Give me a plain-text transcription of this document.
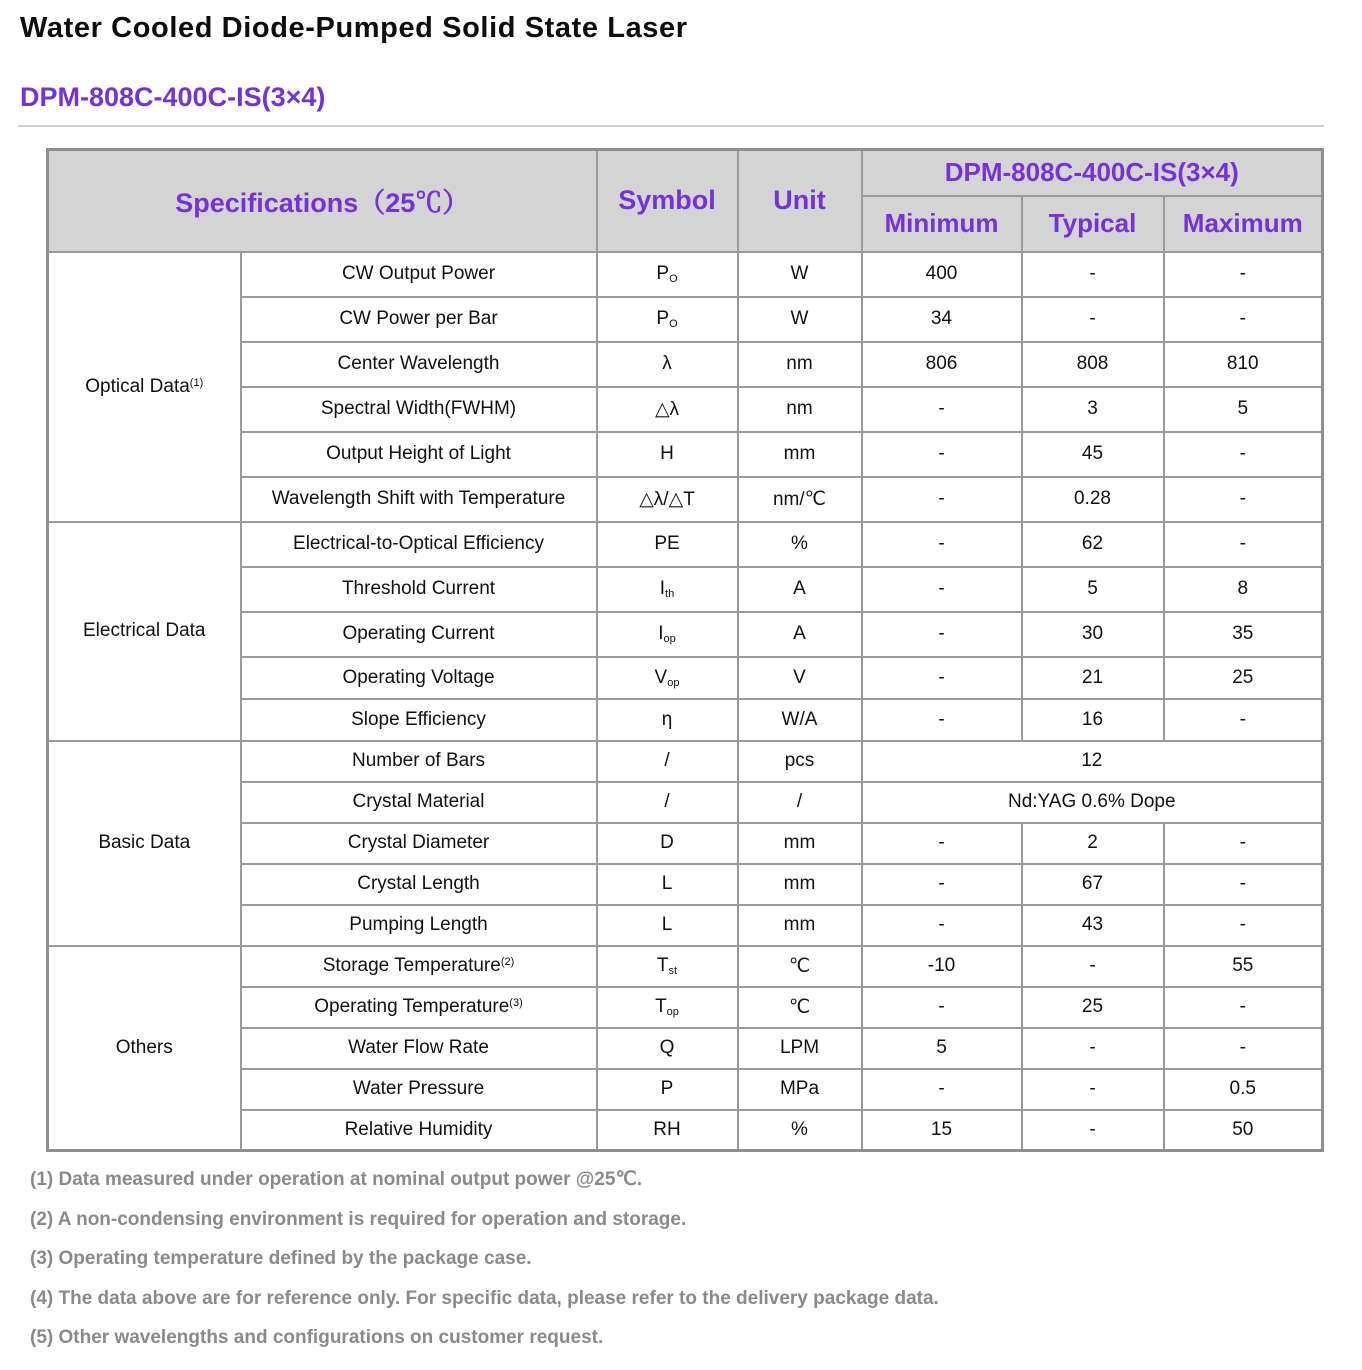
Water Cooled Diode-Pumped Solid State Laser
DPM-808C-400C-IS(3×4)
Specifications（25℃）		Symbol	Unit	DPM-808C-400C-IS(3×4)		
				Minimum	Typical	Maximum
Optical Data$^{(1)}$	CW Output Power	$P_O$	W	400	-	-
	CW Power per Bar	$P_O$	W	34	-	-
	Center Wavelength	λ	nm	806	808	810
	Spectral Width(FWHM)	△λ	nm	-	3	5
	Output Height of Light	H	mm	-	45	-
	Wavelength Shift with Temperature	△λ/△T	nm/℃	-	0.28	-
Electrical Data	Electrical-to-Optical Efficiency	PE	%	-	62	-
	Threshold Current	$I_{th}$	A	-	5	8
	Operating Current	$I_{op}$	A	-	30	35
	Operating Voltage	$V_{op}$	V	-	21	25
	Slope Efficiency	η	W/A	-	16	-
Basic Data	Number of Bars	/	pcs	12		
	Crystal Material	/	/	Nd:YAG 0.6% Dope		
	Crystal Diameter	D	mm	-	2	-
	Crystal Length	L	mm	-	67	-
	Pumping Length	L	mm	-	43	-
Others	Storage Temperature$^{(2)}$	$T_{st}$	℃	-10	-	55
	Operating Temperature$^{(3)}$	$T_{op}$	℃	-	25	-
	Water Flow Rate	Q	LPM	5	-	-
	Water Pressure	P	MPa	-	-	0.5
	Relative Humidity	RH	%	15	-	50
(1) Data measured under operation at nominal output power @25℃.
(2) A non-condensing environment is required for operation and storage.
(3) Operating temperature defined by the package case.
(4) The data above are for reference only. For specific data, please refer to the delivery package data.
(5) Other wavelengths and configurations on customer request.
